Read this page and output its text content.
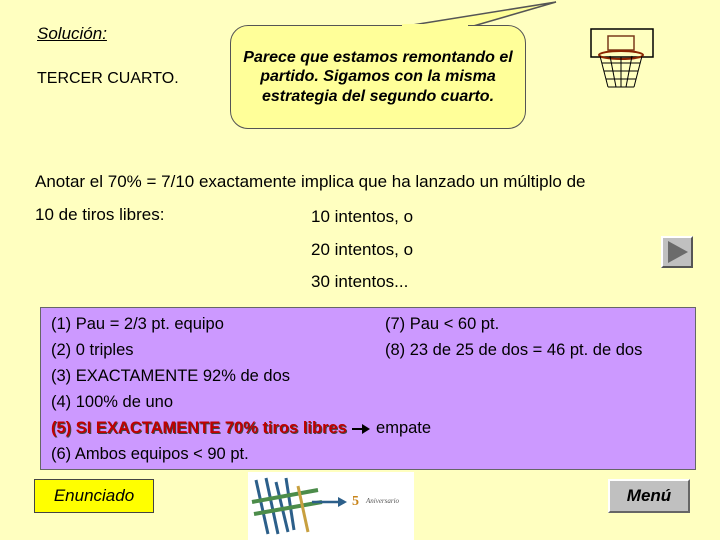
Solución:
TERCER CUARTO.
Parece que estamos remontando el partido. Sigamos con la misma estrategia del segundo cuarto.
Anotar el 70% = 7/10 exactamente implica que ha lanzado un múltiplo de
10 de tiros libres:	10 intentos, o
20 intentos, o
30 intentos...
(1) Pau = 2/3 pt. equipo
(2) 0 triples
(3) EXACTAMENTE 92% de dos
(4) 100% de uno
(5) SI EXACTAMENTE 70% tiros libres empate
(6) Ambos equipos < 90 pt.
(7) Pau < 60 pt.
(8) 23 de 25 de dos = 46 pt. de dos
Enunciado	5 Aniversario	Menú
